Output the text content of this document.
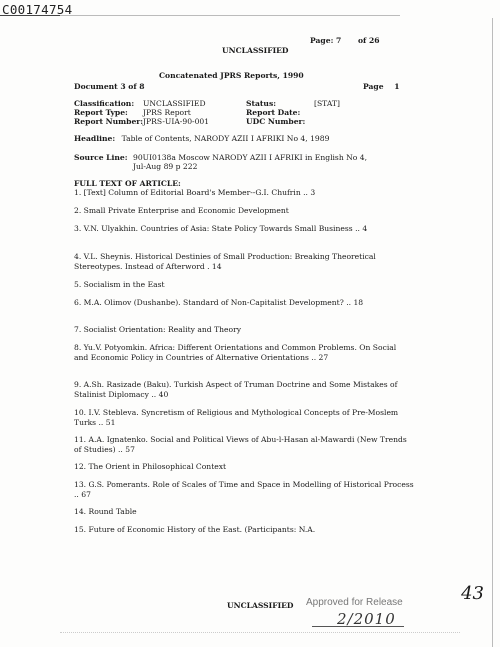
C00174754
Page: 7 of 26
UNCLASSIFIED
Concatenated JPRS Reports, 1990
Document 3 of 8	Page 1
Classification: UNCLASSIFIED	Status:	[STAT]
Report Type: JPRS Report	Report Date:
Report Number: JPRS-UIA-90-001	UDC Number:
Headline: Table of Contents, NARODY AZII I AFRIKI No 4, 1989
Source Line: 90UI0138a Moscow NARODY AZII I AFRIKI in English No 4,
Jul-Aug 89 p 222
FULL TEXT OF ARTICLE:
1. [Text] Column of Editorial Board's Member--G.I. Chufrin .. 3
2. Small Private Enterprise and Economic Development
3. V.N. Ulyakhin. Countries of Asia: State Policy Towards Small Business .. 4
4. V.L. Sheynis. Historical Destinies of Small Production: Breaking Theoretical Stereotypes. Instead of Afterword . 14
5. Socialism in the East
6. M.A. Olimov (Dushanbe). Standard of Non-Capitalist Development? .. 18
7. Socialist Orientation: Reality and Theory
8. Yu.V. Potyomkin. Africa: Different Orientations and Common Problems. On Social and Economic Policy in Countries of Alternative Orientations .. 27
9. A.Sh. Rasizade (Baku). Turkish Aspect of Truman Doctrine and Some Mistakes of Stalinist Diplomacy .. 40
10. I.V. Stebleva. Syncretism of Religious and Mythological Concepts of Pre-Moslem Turks .. 51
11. A.A. Ignatenko. Social and Political Views of Abu-l-Hasan al-Mawardi (New Trends of Studies) .. 57
12. The Orient in Philosophical Context
13. G.S. Pomerants. Role of Scales of Time and Space in Modelling of Historical Process .. 67
14. Round Table
15. Future of Economic History of the East. (Participants: N.A.
UNCLASSIFIED Approved for Release
2/2010
43
